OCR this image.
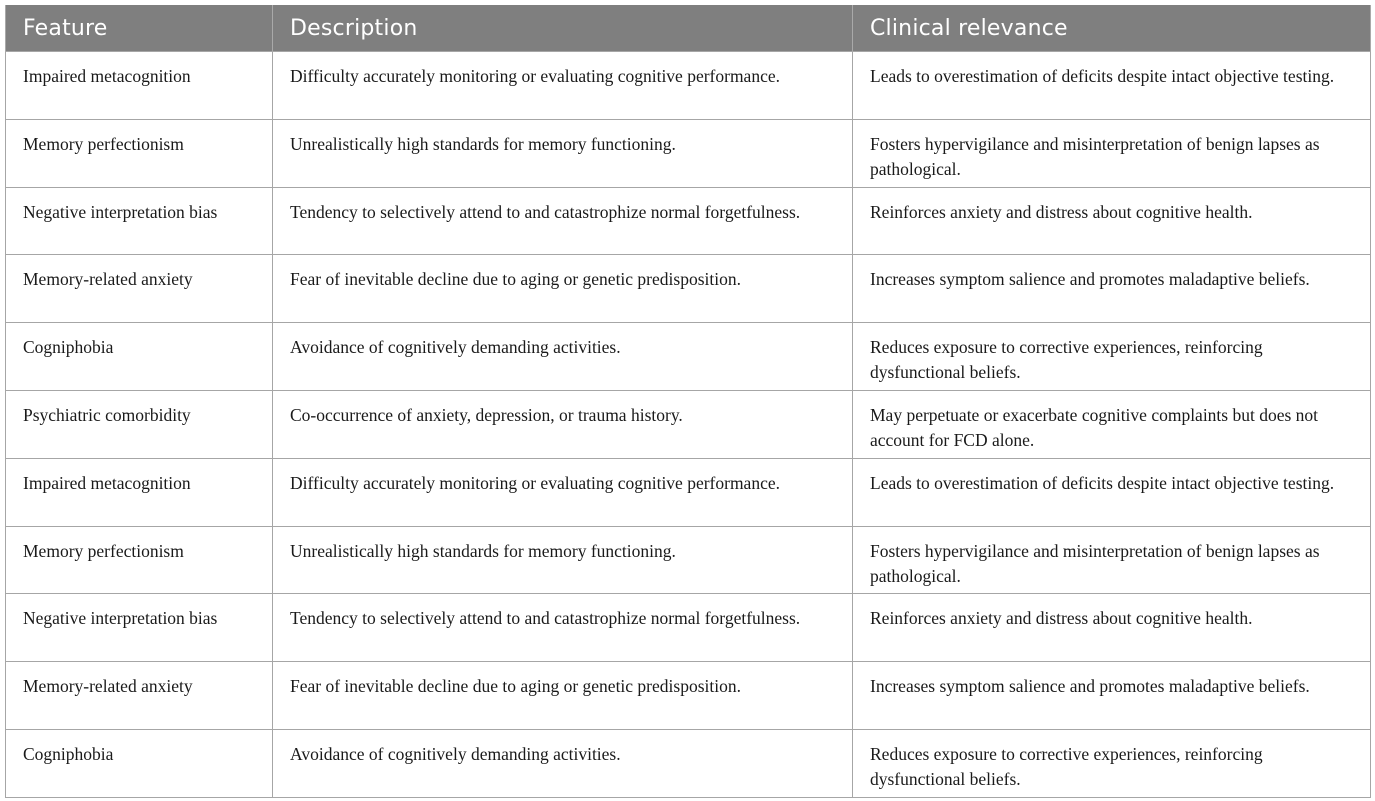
Feature	Description	Clinical relevance
Impaired metacognition	Difficulty accurately monitoring or evaluating cognitive performance.	Leads to overestimation of deficits despite intact objective testing.
Memory perfectionism	Unrealistically high standards for memory functioning.	Fosters hypervigilance and misinterpretation of benign lapses as pathological.
Negative interpretation bias	Tendency to selectively attend to and catastrophize normal forgetfulness.	Reinforces anxiety and distress about cognitive health.
Memory-related anxiety	Fear of inevitable decline due to aging or genetic predisposition.	Increases symptom salience and promotes maladaptive beliefs.
Cogniphobia	Avoidance of cognitively demanding activities.	Reduces exposure to corrective experiences, reinforcing dysfunctional beliefs.
Psychiatric comorbidity	Co-occurrence of anxiety, depression, or trauma history.	May perpetuate or exacerbate cognitive complaints but does not account for FCD alone.
Impaired metacognition	Difficulty accurately monitoring or evaluating cognitive performance.	Leads to overestimation of deficits despite intact objective testing.
Memory perfectionism	Unrealistically high standards for memory functioning.	Fosters hypervigilance and misinterpretation of benign lapses as pathological.
Negative interpretation bias	Tendency to selectively attend to and catastrophize normal forgetfulness.	Reinforces anxiety and distress about cognitive health.
Memory-related anxiety	Fear of inevitable decline due to aging or genetic predisposition.	Increases symptom salience and promotes maladaptive beliefs.
Cogniphobia	Avoidance of cognitively demanding activities.	Reduces exposure to corrective experiences, reinforcing dysfunctional beliefs.
